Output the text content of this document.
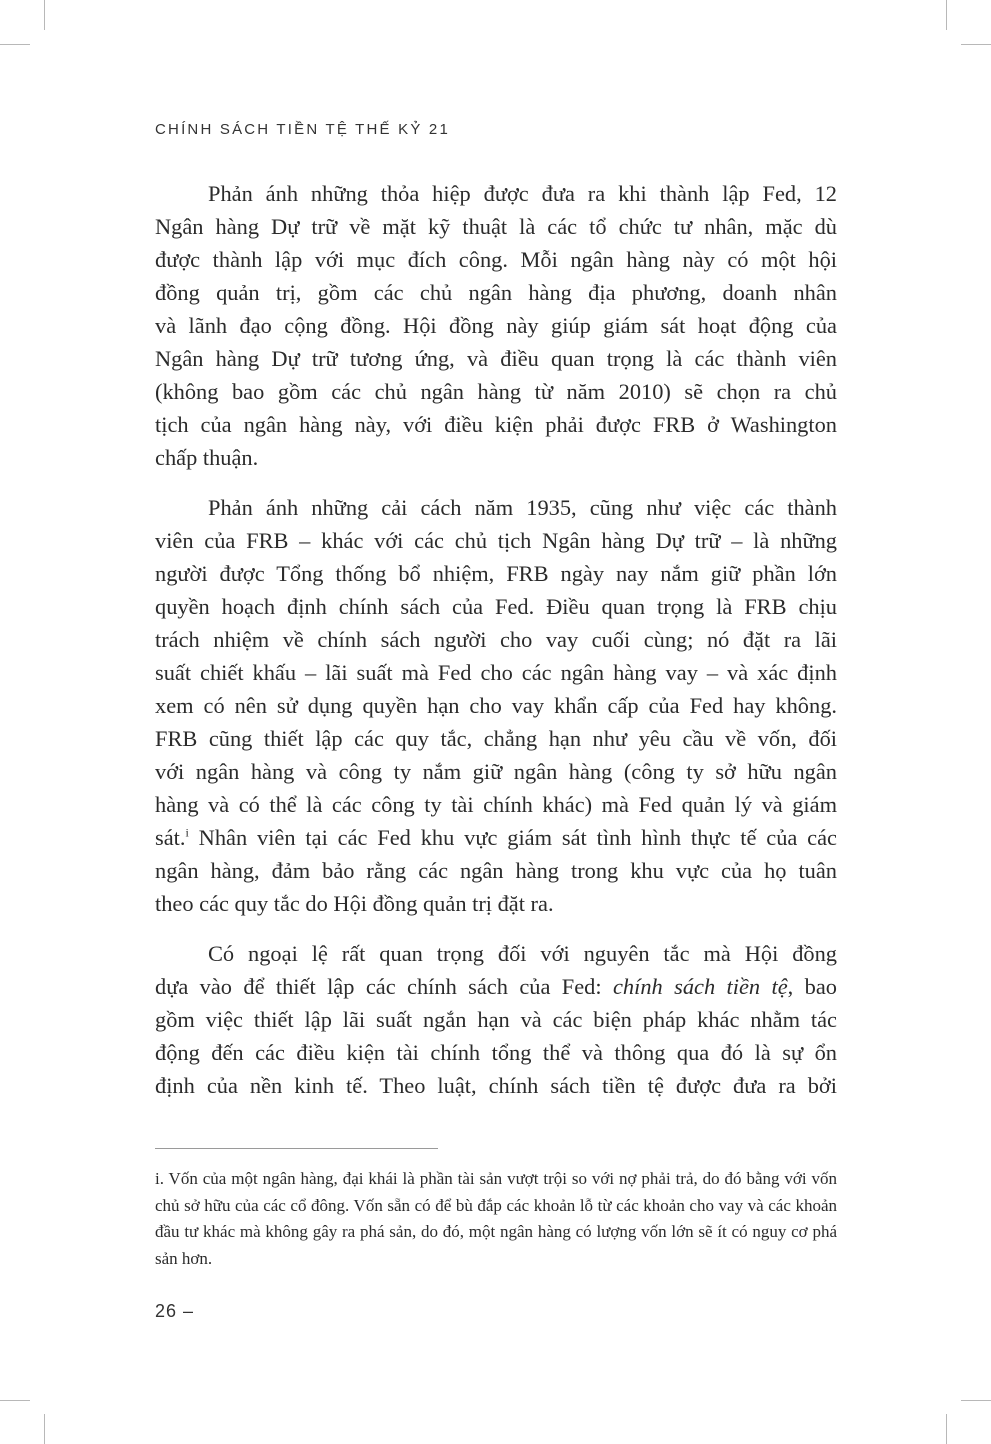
CHÍNH SÁCH TIỀN TỆ THẾ KỶ 21

Phản ánh những thỏa hiệp được đưa ra khi thành lập Fed, 12
Ngân hàng Dự trữ về mặt kỹ thuật là các tổ chức tư nhân, mặc dù
được thành lập với mục đích công. Mỗi ngân hàng này có một hội
đồng quản trị, gồm các chủ ngân hàng địa phương, doanh nhân
và lãnh đạo cộng đồng. Hội đồng này giúp giám sát hoạt động của
Ngân hàng Dự trữ tương ứng, và điều quan trọng là các thành viên
(không bao gồm các chủ ngân hàng từ năm 2010) sẽ chọn ra chủ
tịch của ngân hàng này, với điều kiện phải được FRB ở Washington
chấp thuận.

Phản ánh những cải cách năm 1935, cũng như việc các thành
viên của FRB – khác với các chủ tịch Ngân hàng Dự trữ – là những
người được Tổng thống bổ nhiệm, FRB ngày nay nắm giữ phần lớn
quyền hoạch định chính sách của Fed. Điều quan trọng là FRB chịu
trách nhiệm về chính sách người cho vay cuối cùng; nó đặt ra lãi
suất chiết khấu – lãi suất mà Fed cho các ngân hàng vay – và xác định
xem có nên sử dụng quyền hạn cho vay khẩn cấp của Fed hay không.
FRB cũng thiết lập các quy tắc, chẳng hạn như yêu cầu về vốn, đối
với ngân hàng và công ty nắm giữ ngân hàng (công ty sở hữu ngân
hàng và có thể là các công ty tài chính khác) mà Fed quản lý và giám
sát.$^i$ Nhân viên tại các Fed khu vực giám sát tình hình thực tế của các
ngân hàng, đảm bảo rằng các ngân hàng trong khu vực của họ tuân
theo các quy tắc do Hội đồng quản trị đặt ra.

Có ngoại lệ rất quan trọng đối với nguyên tắc mà Hội đồng
dựa vào để thiết lập các chính sách của Fed: chính sách tiền tệ, bao
gồm việc thiết lập lãi suất ngắn hạn và các biện pháp khác nhằm tác
động đến các điều kiện tài chính tổng thể và thông qua đó là sự ổn
định của nền kinh tế. Theo luật, chính sách tiền tệ được đưa ra bởi

i. Vốn của một ngân hàng, đại khái là phần tài sản vượt trội so với nợ phải trả, do đó bằng với vốn chủ sở hữu của các cổ đông. Vốn sẵn có để bù đắp các khoản lỗ từ các khoản cho vay và các khoản đầu tư khác mà không gây ra phá sản, do đó, một ngân hàng có lượng vốn lớn sẽ ít có nguy cơ phá sản hơn.
26 –
